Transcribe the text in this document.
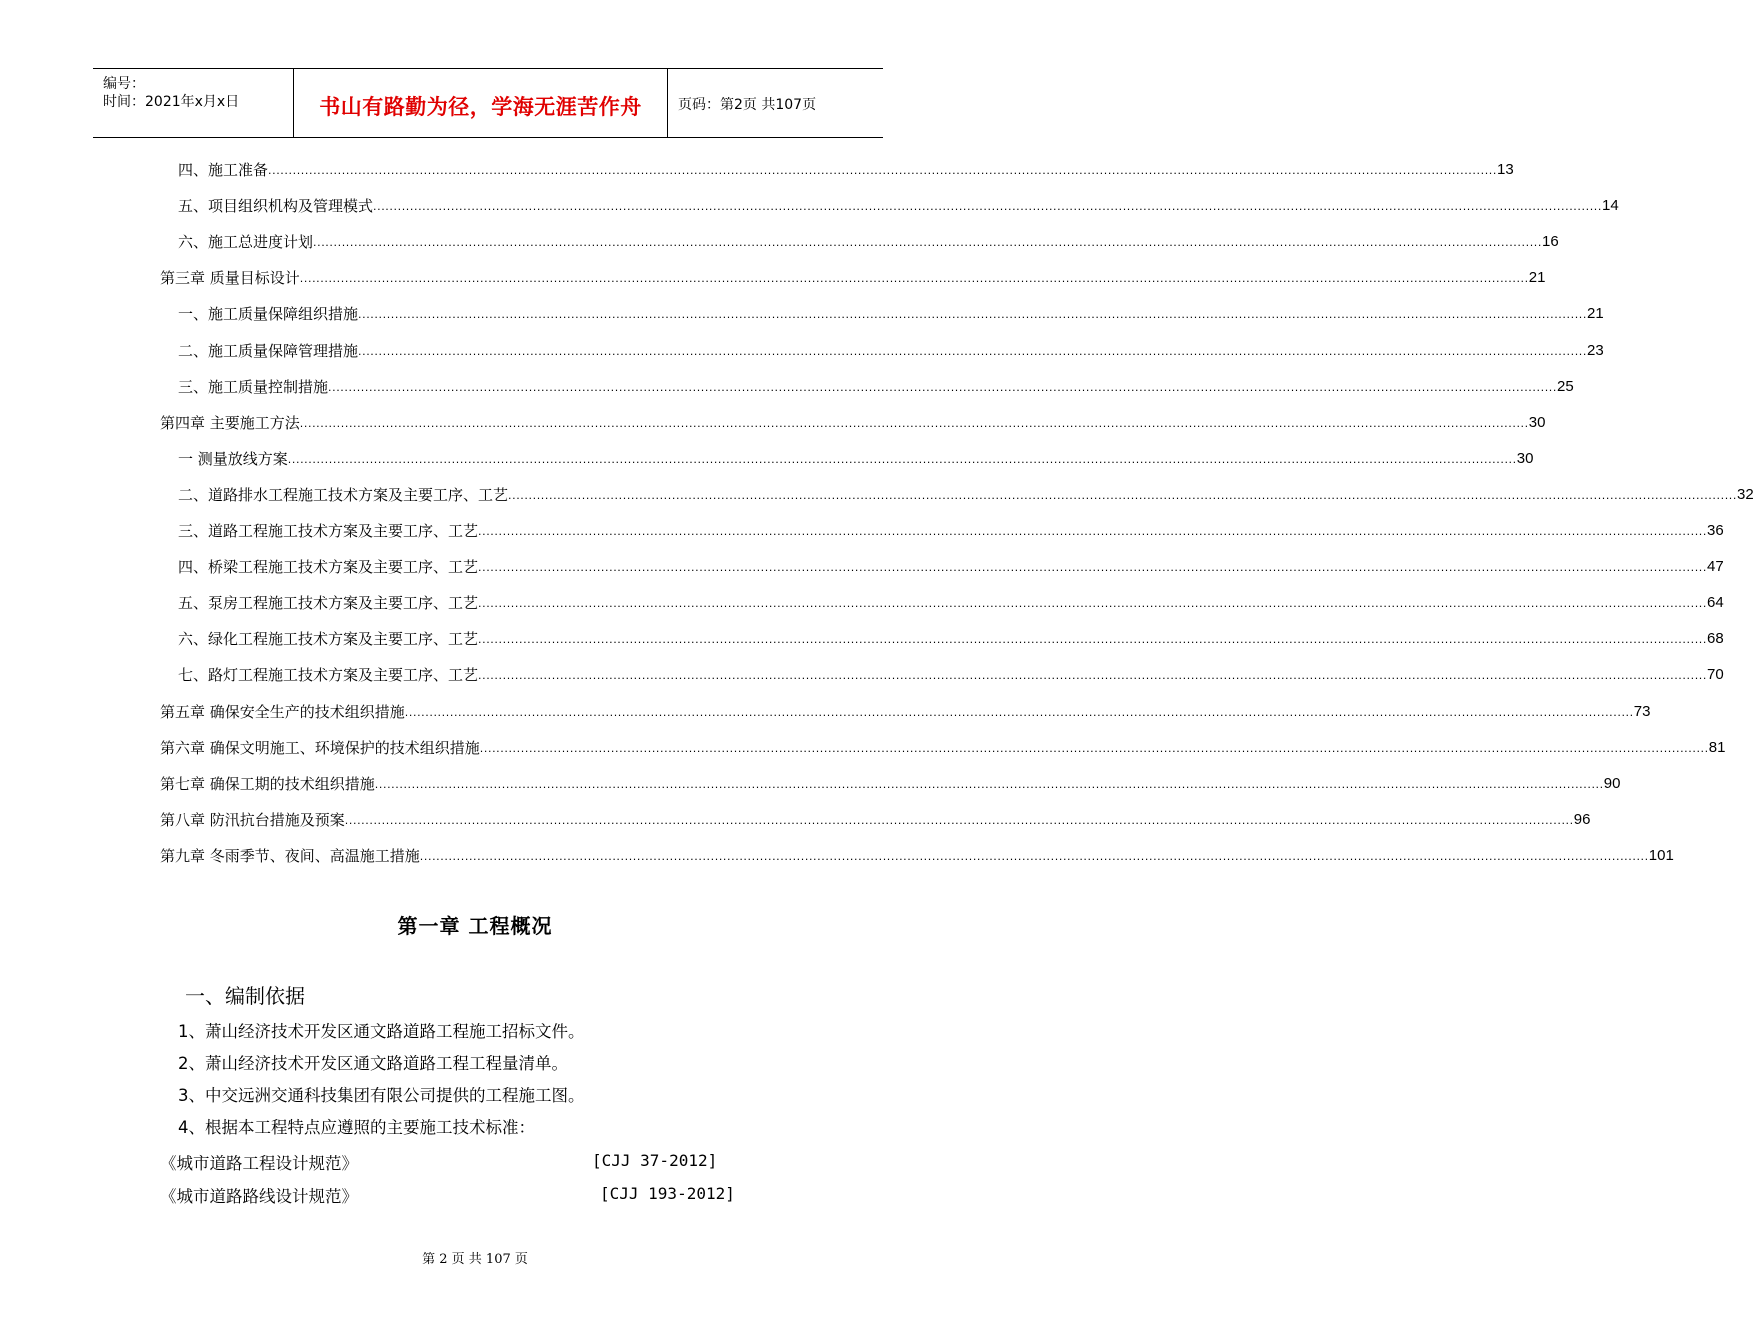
编号：
时间：2021年x月x日	书山有路勤为径，学海无涯苦作舟	页码：第2页 共107页
四、施工准备 ............................................................................................................................................................................................................................................................................................................ 13
五、项目组织机构及管理模式 ............................................................................................................................................................................................................................................................................................................ 14
六、施工总进度计划 ............................................................................................................................................................................................................................................................................................................ 16
第三章 质量目标设计 ............................................................................................................................................................................................................................................................................................................ 21
一、施工质量保障组织措施 ............................................................................................................................................................................................................................................................................................................ 21
二、施工质量保障管理措施 ............................................................................................................................................................................................................................................................................................................ 23
三、施工质量控制措施 ............................................................................................................................................................................................................................................................................................................ 25
第四章 主要施工方法 ............................................................................................................................................................................................................................................................................................................ 30
一 测量放线方案 ............................................................................................................................................................................................................................................................................................................ 30
二、道路排水工程施工技术方案及主要工序、工艺 ............................................................................................................................................................................................................................................................................................................ 32
三、道路工程施工技术方案及主要工序、工艺 ............................................................................................................................................................................................................................................................................................................ 36
四、桥梁工程施工技术方案及主要工序、工艺 ............................................................................................................................................................................................................................................................................................................ 47
五、泵房工程施工技术方案及主要工序、工艺 ............................................................................................................................................................................................................................................................................................................ 64
六、绿化工程施工技术方案及主要工序、工艺 ............................................................................................................................................................................................................................................................................................................ 68
七、路灯工程施工技术方案及主要工序、工艺 ............................................................................................................................................................................................................................................................................................................ 70
第五章 确保安全生产的技术组织措施 ............................................................................................................................................................................................................................................................................................................ 73
第六章 确保文明施工、环境保护的技术组织措施 ............................................................................................................................................................................................................................................................................................................ 81
第七章 确保工期的技术组织措施 ............................................................................................................................................................................................................................................................................................................ 90
第八章 防汛抗台措施及预案 ............................................................................................................................................................................................................................................................................................................ 96
第九章 冬雨季节、夜间、高温施工措施 ............................................................................................................................................................................................................................................................................................................ 101
第一章 工程概况
一、编制依据
1、萧山经济技术开发区通文路道路工程施工招标文件。
2、萧山经济技术开发区通文路道路工程工程量清单。
3、中交远洲交通科技集团有限公司提供的工程施工图。
4、根据本工程特点应遵照的主要施工技术标准：
《城市道路工程设计规范》	[CJJ 37-2012]
《城市道路路线设计规范》	[CJJ 193-2012]
第 2 页 共 107 页
